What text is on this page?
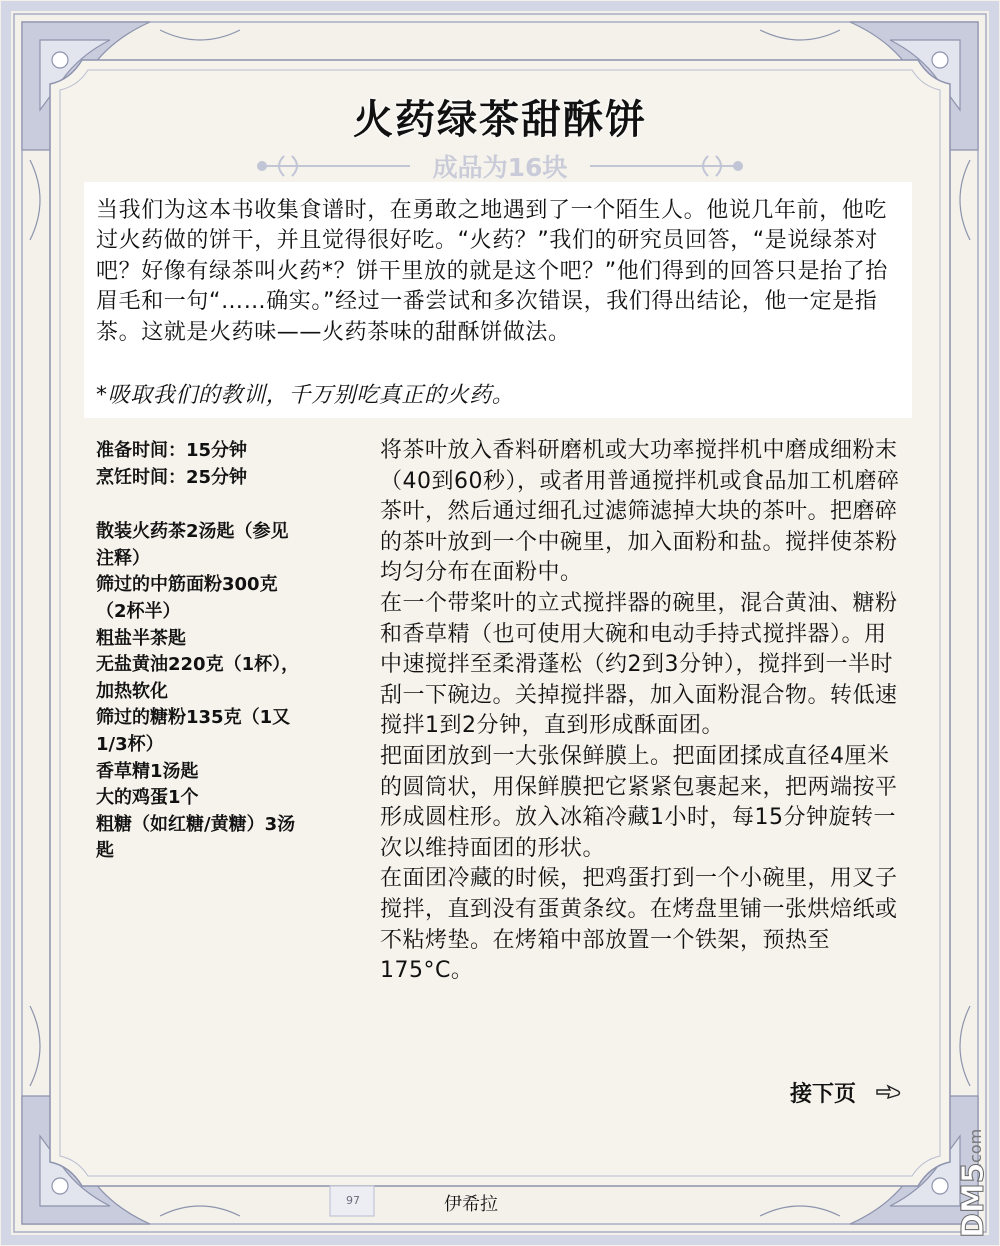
火药绿茶甜酥饼
成品为16块
当我们为这本书收集食谱时，在勇敢之地遇到了一个陌生人。他说几年前，他吃过火药做的饼干，并且觉得很好吃。“火药？”我们的研究员回答，“是说绿茶对吧？好像有绿茶叫火药*？饼干里放的就是这个吧？”他们得到的回答只是抬了抬眉毛和一句“……确实。”经过一番尝试和多次错误，我们得出结论，他一定是指茶。这就是火药味——火药茶味的甜酥饼做法。
*吸取我们的教训，千万别吃真正的火药。
准备时间：15分钟
烹饪时间：25分钟
散装火药茶2汤匙（参见注释）
筛过的中筋面粉300克（2杯半）
粗盐半茶匙
无盐黄油220克（1杯），加热软化
筛过的糖粉135克（1又1/3杯）
香草精1汤匙
大的鸡蛋1个
粗糖（如红糖/黄糖）3汤匙

将茶叶放入香料研磨机或大功率搅拌机中磨成细粉末（40到60秒），或者用普通搅拌机或食品加工机磨碎茶叶，然后通过细孔过滤筛滤掉大块的茶叶。把磨碎的茶叶放到一个中碗里，加入面粉和盐。搅拌使茶粉均匀分布在面粉中。

在一个带桨叶的立式搅拌器的碗里，混合黄油、糖粉和香草精（也可使用大碗和电动手持式搅拌器）。用中速搅拌至柔滑蓬松（约2到3分钟），搅拌到一半时刮一下碗边。关掉搅拌器，加入面粉混合物。转低速搅拌1到2分钟，直到形成酥面团。

把面团放到一大张保鲜膜上。把面团揉成直径4厘米的圆筒状，用保鲜膜把它紧紧包裹起来，把两端按平形成圆柱形。放入冰箱冷藏1小时，每15分钟旋转一次以维持面团的形状。

在面团冷藏的时候，把鸡蛋打到一个小碗里，用叉子搅拌，直到没有蛋黄条纹。在烤盘里铺一张烘焙纸或不粘烤垫。在烤箱中部放置一个铁架，预热至175°C。

接下页
97	伊希拉	DM5
.com
